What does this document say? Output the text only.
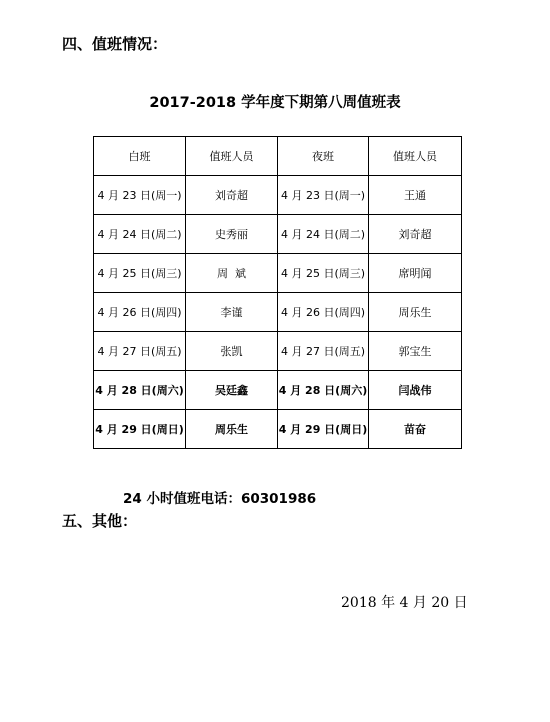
四、值班情况：
2017-2018 学年度下期第八周值班表
白班	值班人员	夜班	值班人员
4 月 23 日(周一)	刘奇超	4 月 23 日(周一)	王通
4 月 24 日(周二)	史秀丽	4 月 24 日(周二)	刘奇超
4 月 25 日(周三)	周  斌	4 月 25 日(周三)	席明闻
4 月 26 日(周四)	李谨	4 月 26 日(周四)	周乐生
4 月 27 日(周五)	张凯	4 月 27 日(周五)	郭宝生
4 月 28 日(周六)	吴廷鑫	4 月 28 日(周六)	闫战伟
4 月 29 日(周日)	周乐生	4 月 29 日(周日)	苗奋
24 小时值班电话：60301986
五、其他：
2018 年 4 月 20 日
